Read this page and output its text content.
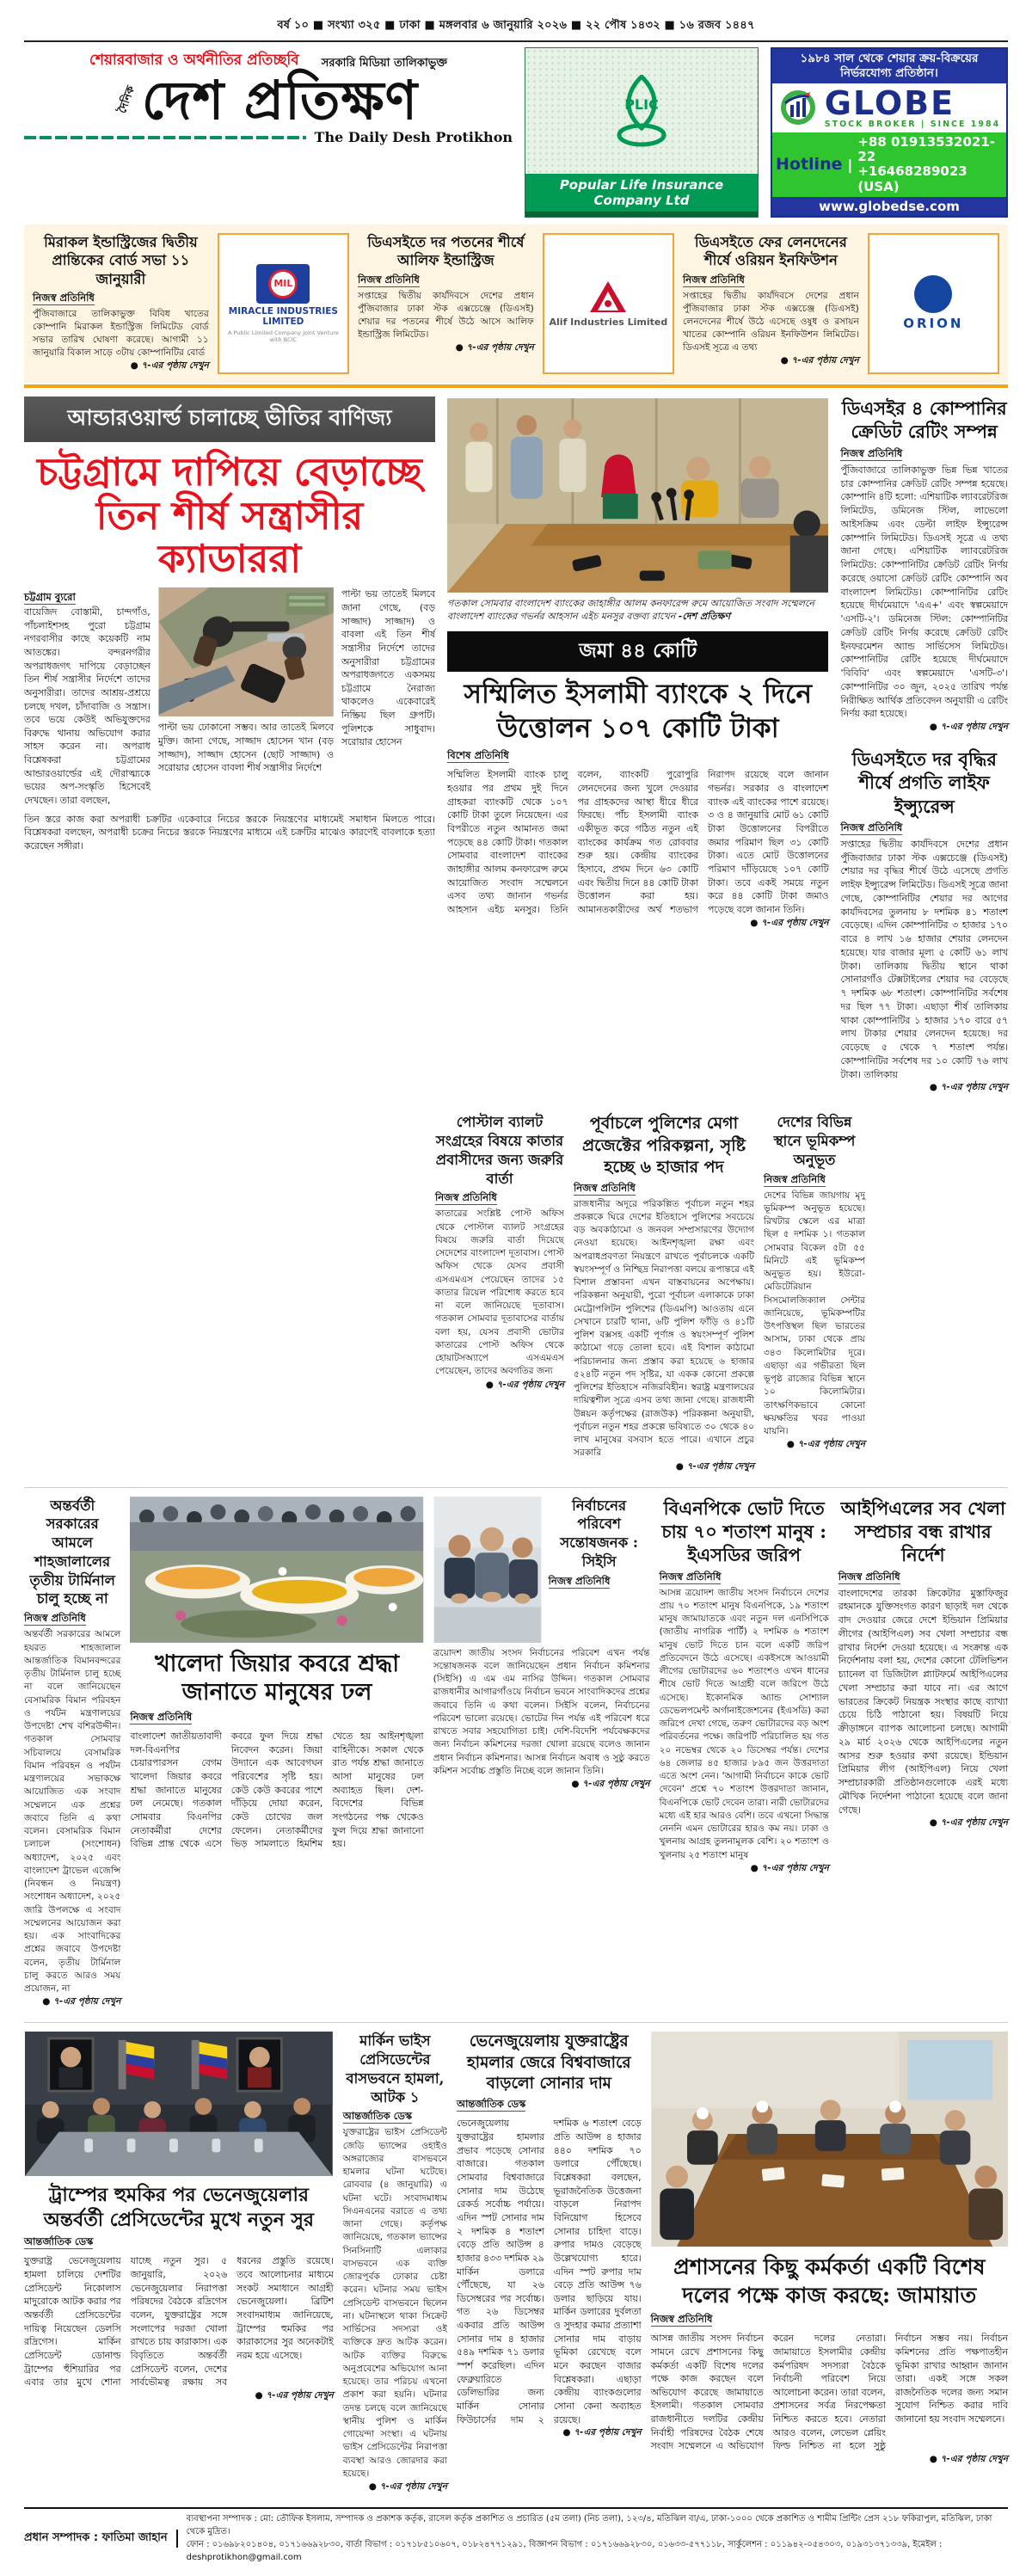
বর্ষ ১০ ■ সংখ্যা ৩২৫ ■ ঢাকা ■ মঙ্গলবার ৬ জানুয়ারি ২০২৬ ■ ২২ পৌষ ১৪৩২ ■ ১৬ রজব ১৪৪৭
শেয়ারবাজার ও অর্থনীতির প্রতিচ্ছবি সরকারি মিডিয়া তালিকাভুক্ত
দৈনিক দেশ প্রতিক্ষণ
The Daily Desh Protikhon
PLIC
Popular Life Insurance Company Ltd
১৯৮৪ সাল থেকে শেয়ার ক্রয়-বিক্রয়ের নির্ভরযোগ্য প্রতিষ্ঠান।
GLOBE
STOCK BROKER | SINCE 1984
Hotline |
+88 01913532021-22
+16468289023 (USA)
www.globedse.com
মিরাকল ইন্ডাস্ট্রিজের দ্বিতীয় প্রান্তিকের বোর্ড সভা ১১ জানুয়ারী
নিজস্ব প্রতিনিধি
পুঁজিবাজারে তালিকাভুক্ত বিবিধ খাতের কোম্পানি মিরাকল ইন্ডাস্ট্রিজ লিমিটেড বোর্ড সভার তারিখ ঘোষণা করেছে। আগামী ১১ জানুয়ারি বিকাল সাড়ে ৩টায় কোম্পানিটির বোর্ড
● ৭-এর পৃষ্ঠায় দেখুন
MIL
MIRACLE INDUSTRIES LIMITED
A Public Limited Company Joint Venture with BCIC
ডিএসইতে দর পতনের শীর্ষে আলিফ ইন্ডাস্ট্রিজ
নিজস্ব প্রতিনিধি
সপ্তাহের দ্বিতীয় কার্যদিবসে দেশের প্রধান পুঁজিবাজার ঢাকা স্টক এক্সচেঞ্জে (ডিএসই) শেয়ার দর পতনের শীর্ষে উঠে আসে আলিফ ইন্ডাস্ট্রিজ লিমিটেড।
● ৭-এর পৃষ্ঠায় দেখুন
Alif Industries Limited
ডিএসইতে ফের লেনদেনের শীর্ষে ওরিয়ন ইনফিউশন
নিজস্ব প্রতিনিধি
সপ্তাহের দ্বিতীয় কার্যদিবসে দেশের প্রধান পুঁজিবাজার ঢাকা স্টক এক্সচেঞ্জ (ডিএসই) লেনদেনের শীর্ষে উঠে এসেছে ওষুধ ও রসায়ন খাতের কোম্পানি ওরিয়ন ইনফিউশন লিমিটেড। ডিএসই সূত্রে এ তথ্য
● ৭-এর পৃষ্ঠায় দেখুন
ORION
আন্ডারওয়ার্ল্ড চালাচ্ছে ভীতির বাণিজ্য
চট্টগ্রামে দাপিয়ে বেড়াচ্ছে তিন শীর্ষ সন্ত্রাসীর ক্যাডাররা
চট্টগ্রাম ব্যুরো
বায়েজিদ বোস্তামী, চান্দগাঁও, পাঁচলাইশসহ পুরো চট্টগ্রাম নগরবাসীর কাছে কয়েকটি নাম আতঙ্কের। বন্দরনগরীর অপরাধজগৎ দাপিয়ে বেড়াচ্ছেন তিন শীর্ষ সন্ত্রাসীর নির্দেশে তাদের অনুসারীরা। তাদের আশ্রয়-প্রশ্রয়ে চলছে দখল, চাঁদাবাজি ও সন্ত্রাস। তবে ভয়ে কেউই অভিযুক্তদের বিরুদ্ধে থানায় অভিযোগ করার সাহস করেন না। অপরাধ বিশ্লেষকরা চট্টগ্রামের আন্ডারওয়ার্ল্ডের এই দৌরাত্ম্যকে ভয়ের অপ-সংস্কৃতি হিসেবেই দেখছেন। তারা বলছেন,
পাল্টা ভয় ঢোকানো সম্ভব। আর তাতেই মিলবে মুক্তি। জানা গেছে, সাজ্জাদ হোসেন খান (বড় সাজ্জাদ), সাজ্জাদ হোসেন (ছোট সাজ্জাদ) ও সরোয়ার হোসেন বাবলা শীর্ষ সন্ত্রাসীর নির্দেশে
পাল্টা ভয় তাতেই মিলবে জানা গেছে, (বড় সাজ্জাদ) সাজ্জাদ) ও বাবলা এই তিন শীর্ষ সন্ত্রাসীর নির্দেশে তাদের অনুসারীরা চট্টগ্রামের অপরাধজগতে একসময় চট্টগ্রামে নৈরাজ্য থাকলেও একেবারেই নিষ্ক্রিয় ছিল গ্রুপটি। পুলিশকে সাধুবাদ। সরোয়ার হোসেন
তিন স্তরে কাজ করা অপরাধী চক্রটির একেবারে নিচের স্তরকে নিয়ন্ত্রণের মাধ্যমেই সমাধান মিলতে পারে। বিশ্লেষকরা বলছেন, অপরাধী চক্রের নিচের স্তরকে নিয়ন্ত্রণের মাধ্যমে এই চক্রটির মাঝেও কারণেই বাবলাকে হত্যা করেছেন সঙ্গীরা।
গতকাল সোমবার বাংলাদেশ ব্যাংকের জাহাঙ্গীর আলম কনফারেন্স রুমে আয়োজিত সংবাদ সম্মেলনে বাংলাদেশ ব্যাংকের গভর্নর আহসান এইচ মনসুর বক্তব্য রাখেন -দেশ প্রতিক্ষণ
জমা ৪৪ কোটি
সম্মিলিত ইসলামী ব্যাংকে ২ দিনে উত্তোলন ১০৭ কোটি টাকা
বিশেষ প্রতিনিধি
সম্মিলিত ইসলামী ব্যাংক চালু হওয়ার পর প্রথম দুই দিনে গ্রাহকরা ব্যাংকটি থেকে ১০৭ কোটি টাকা তুলে নিয়েছেন। এর বিপরীতে নতুন আমানত জমা পড়েছে ৪৪ কোটি টাকা। গতকাল সোমবার বাংলাদেশ ব্যাংকের জাহাঙ্গীর আলম কনফারেন্স রুমে আয়োজিত সংবাদ সম্মেলনে এসব তথ্য জানান গভর্নর আহসান এইচ মনসুর। তিনি বলেন, ব্যাংকটি পুরোপুরি লেনদেনের জন্য খুলে দেওয়ার পর গ্রাহকদের আস্থা ধীরে ধীরে ফিরছে। পাঁচ ইসলামী ব্যাংক একীভূত করে গঠিত নতুন এই ব্যাংকের কার্যক্রম গত রোববার শুরু হয়। কেন্দ্রীয় ব্যাংকের হিসাবে, প্রথম দিনে ৬৩ কোটি এবং দ্বিতীয় দিনে ৪৪ কোটি টাকা উত্তোলন করা হয়। আমানতকারীদের অর্থ শতভাগ নিরাপদ রয়েছে বলে জানান গভর্নর। সরকার ও বাংলাদেশ ব্যাংক এই ব্যাংকের পাশে রয়েছে। ৩ ও ৪ জানুয়ারি মোট ৬১ কোটি টাকা উত্তোলনের বিপরীতে জমার পরিমাণ ছিল ৩১ কোটি টাকা। এতে মোট উত্তোলনের পরিমাণ দাঁড়িয়েছে ১০৭ কোটি টাকা। তবে একই সময়ে নতুন করে ৪৪ কোটি টাকা জমাও পড়েছে বলে জানান তিনি।
● ৭-এর পৃষ্ঠায় দেখুন
ডিএসইর ৪ কোম্পানির ক্রেডিট রেটিং সম্পন্ন
নিজস্ব প্রতিনিধি
পুঁজিবাজারে তালিকাভুক্ত ভিন্ন ভিন্ন খাতের চার কোম্পানির ক্রেডিট রেটিং সম্পন্ন হয়েছে। কোম্পানি ৪টি হলো: এশিয়াটিক ল্যাবরেটরিজ লিমিটেড, ডমিনেজ স্টিল, লাভেলো আইসক্রিম এবং ডেল্টা লাইফ ইন্স্যুরেন্স কোম্পানি লিমিটেড। ডিএসই সূত্রে এ তথ্য জানা গেছে। এশিয়াটিক ল্যাবরেটরিজ লিমিটেড: কোম্পানিটির ক্রেডিট রেটিং নির্ণয় করেছে ওয়াসো ক্রেডিট রেটিং কোম্পানি অব বাংলাদেশ লিমিটেড। কোম্পানিটির রেটিং হয়েছে দীর্ঘমেয়াদে 'এএ+' এবং স্বল্পমেয়াদে 'এসটি-২'। ডমিনেজ স্টিল: কোম্পানিটির ক্রেডিট রেটিং নির্ণয় করেছে ক্রেডিট রেটিং ইনফরমেশন অ্যান্ড সার্ভিসেস লিমিটেড। কোম্পানিটির রেটিং হয়েছে দীর্ঘমেয়াদে 'বিবিবি' এবং স্বল্পমেয়াদে 'এসটি-৩'। কোম্পানিটির ৩০ জুন, ২০২৫ তারিখ পর্যন্ত নিরীক্ষিত আর্থিক প্রতিবেদন অনুযায়ী এ রেটিং নির্ণয় করা হয়েছে।
● ৭-এর পৃষ্ঠায় দেখুন
ডিএসইতে দর বৃদ্ধির শীর্ষে প্রগতি লাইফ ইন্স্যুরেন্স
নিজস্ব প্রতিনিধি
সপ্তাহের দ্বিতীয় কার্যদিবসে দেশের প্রধান পুঁজিবাজার ঢাকা স্টক এক্সচেঞ্জে (ডিএসই) শেয়ার দর বৃদ্ধির শীর্ষে উঠে এসেছে প্রগতি লাইফ ইন্স্যুরেন্স লিমিটেড। ডিএসই সূত্রে জানা গেছে, কোম্পানিটির শেয়ার দর আগের কার্যদিবসের তুলনায় ৮ দশমিক ৪১ শতাংশ বেড়েছে। এদিন কোম্পানিটির ৩ হাজার ১৭০ বারে ৪ লাখ ১৬ হাজার শেয়ার লেনদেন হয়েছে। যার বাজার মূল্য ৫ কোটি ৬১ লাখ টাকা। তালিকায় দ্বিতীয় স্থানে থাকা সোনারগাঁও টেক্সটাইলের শেয়ার দর বেড়েছে ৭ দশমিক ৬৮ শতাংশ। কোম্পানিটির সর্বশেষ দর ছিল ৭৭ টাকা। এছাড়া শীর্ষ তালিকায় থাকা কোম্পানিটির ১ হাজার ১৭০ বারে ৫৭ লাখ টাকার শেয়ার লেনদেন হয়েছে। দর বেড়েছে ৫ থেকে ৭ শতাংশ পর্যন্ত। কোম্পানিটির সর্বশেষ দর ১০ কোটি ৭৬ লাখ টাকা। তালিকায়
● ৭-এর পৃষ্ঠায় দেখুন
পোস্টাল ব্যালট সংগ্রহের বিষয়ে কাতার প্রবাসীদের জন্য জরুরি বার্তা
নিজস্ব প্রতিনিধি
কাতারের সংশ্লিষ্ট পোস্ট অফিস থেকে পোস্টাল ব্যালট সংগ্রহের বিষয়ে জরুরি বার্তা দিয়েছে সেদেশের বাংলাদেশ দূতাবাস। পোস্ট অফিস থেকে যেসব প্রবাসী এসএমএস পেয়েছেন তাদের ১৫ কাতার রিয়েল পরিশোধ করতে হবে না বলে জানিয়েছে দূতাবাস। গতকাল সোমবার দূতাবাসের বার্তায় বলা হয়, যেসব প্রবাসী ভোটার কাতারের পোস্ট অফিস থেকে হোয়াটসঅ্যাপে এসএমএস পেয়েছেন, তাদের অবগতির জন্য
● ৭-এর পৃষ্ঠায় দেখুন
পূর্বাচলে পুলিশের মেগা প্রজেক্টের পরিকল্পনা, সৃষ্টি হচ্ছে ৬ হাজার পদ
নিজস্ব প্রতিনিধি
রাজধানীর অদূরে পরিকল্পিত পূর্বাচল নতুন শহর প্রকল্পকে ঘিরে দেশের ইতিহাসে পুলিশের সবচেয়ে বড় অবকাঠামো ও জনবল সম্প্রসারণের উদ্যোগ নেওয়া হয়েছে। আইনশৃঙ্খলা রক্ষা এবং অপরাধপ্রবণতা নিয়ন্ত্রণে রাখতে পূর্বাচলকে একটি স্বয়ংসম্পূর্ণ ও নিশ্ছিদ্র নিরাপত্তা বলয়ে রূপান্তরে এই বিশাল প্রস্তাবনা এখন বাস্তবায়নের অপেক্ষায়। পরিকল্পনা অনুযায়ী, পুরো পূর্বাচল এলাকাকে ঢাকা মেট্রোপলিটন পুলিশের (ডিএমপি) আওতায় এনে সেখানে চারটি থানা, ৬টি পুলিশ ফাঁড়ি ও ৪১টি পুলিশ বক্সসহ একটি পূর্ণাঙ্গ ও স্বয়ংসম্পূর্ণ পুলিশ কাঠামো গড়ে তোলা হবে। এই বিশাল কাঠামো পরিচালনার জন্য প্রস্তাব করা হয়েছে ৬ হাজার ৫২৪টি নতুন পদ সৃষ্টির, যা একক কোনো প্রকল্পে পুলিশের ইতিহাসে নজিরবিহীন। স্বরাষ্ট্র মন্ত্রণালয়ের দায়িত্বশীল সূত্রে এসব তথ্য জানা গেছে। রাজধানী উন্নয়ন কর্তৃপক্ষের (রাজউক) পরিকল্পনা অনুযায়ী, পূর্বাচল নতুন শহর প্রকল্পে ভবিষ্যতে ৩০ থেকে ৪০ লাখ মানুষের বসবাস হতে পারে। এখানে প্রচুর সরকারি
● ৭-এর পৃষ্ঠায় দেখুন
দেশের বিভিন্ন স্থানে ভূমিকম্প অনুভূত
নিজস্ব প্রতিনিধি
দেশের বিভিন্ন জায়গায় মৃদু ভূমিকম্প অনুভূত হয়েছে। রিখটার স্কেলে এর মাত্রা ছিল ৫ দশমিক ১। গতকাল সোমবার বিকেল ৫টা ৫৫ মিনিটে এই ভূমিকম্প অনুভূত হয়। ইউরো-মেডিটেরিয়ান সিসমোলজিক্যাল সেন্টার জানিয়েছে, ভূমিকম্পটির উৎপত্তিস্থল ছিল ভারতের আসাম, ঢাকা থেকে প্রায় ৩৪৩ কিলোমিটার দূরে। এছাড়া এর গভীরতা ছিল ভূপৃষ্ঠ রাজ্যের বিভিন্ন স্থানে ১০ কিলোমিটার। তাৎক্ষণিকভাবে কোনো ক্ষয়ক্ষতির খবর পাওয়া যায়নি।
● ৭-এর পৃষ্ঠায় দেখুন
অন্তর্বর্তী সরকারের আমলে শাহজালালের তৃতীয় টার্মিনাল চালু হচ্ছে না
নিজস্ব প্রতিনিধি
অন্তর্বর্তী সরকারের আমলে হযরত শাহজালাল আন্তর্জাতিক বিমানবন্দরের তৃতীয় টার্মিনাল চালু হচ্ছে না বলে জানিয়েছেন বেসামরিক বিমান পরিবহন ও পর্যটন মন্ত্রণালয়ের উপদেষ্টা শেখ বশিরউদ্দীন। গতকাল সোমবার সচিবালয়ে বেসামরিক বিমান পরিবহন ও পর্যটন মন্ত্রণালয়ের সভাকক্ষে আয়োজিত এক সংবাদ সম্মেলনে এক প্রশ্নের জবাবে তিনি এ কথা বলেন। বেসামরিক বিমান চলাচল (সংশোধন) অধ্যাদেশ, ২০২৫ এবং বাংলাদেশ ট্রাভেল এজেন্সি (নিবন্ধন ও নিয়ন্ত্রণ) সংশোধন অধ্যাদেশ, ২০২৫ জারি উপলক্ষে এ সংবাদ সম্মেলনের আয়োজন করা হয়। এক সাংবাদিকের প্রশ্নের জবাবে উপদেষ্টা বলেন, তৃতীয় টার্মিনাল চালু করতে আরও সময় প্রয়োজন, না
● ৭-এর পৃষ্ঠায় দেখুন
খালেদা জিয়ার কবরে শ্রদ্ধা জানাতে মানুষের ঢল
নিজস্ব প্রতিনিধি
বাংলাদেশ জাতীয়তাবাদী দল-বিএনপির চেয়ারপারসন বেগম খালেদা জিয়ার কবরে শ্রদ্ধা জানাতে মানুষের ঢল নেমেছে। গতকাল সোমবার বিএনপির নেতাকর্মীরা দেশের বিভিন্ন প্রান্ত থেকে এসে কবরে ফুল দিয়ে শ্রদ্ধা নিবেদন করেন। জিয়া উদ্যানে এক আবেগঘন পরিবেশের সৃষ্টি হয়। কেউ কেউ কবরের পাশে দাঁড়িয়ে দোয়া করেন, কেউ চোখের জল ফেলেন। নেতাকর্মীদের ভিড় সামলাতে হিমশিম খেতে হয় আইনশৃঙ্খলা বাহিনীকে। সকাল থেকে রাত পর্যন্ত শ্রদ্ধা জানাতে আসা মানুষের ঢল অব্যাহত ছিল। দেশ-বিদেশের বিভিন্ন সংগঠনের পক্ষ থেকেও ফুল দিয়ে শ্রদ্ধা জানানো হয়।
নির্বাচনের পরিবেশ সন্তোষজনক : সিইসি
নিজস্ব প্রতিনিধি
ত্রয়োদশ জাতীয় সংসদ নির্বাচনের পরিবেশ এখন পর্যন্ত সন্তোষজনক বলে জানিয়েছেন প্রধান নির্বাচন কমিশনার (সিইসি) এ এম এম নাসির উদ্দিন। গতকাল সোমবার রাজধানীর আগারগাঁওয়ে নির্বাচন ভবনে সাংবাদিকদের প্রশ্নের জবাবে তিনি এ কথা বলেন। সিইসি বলেন, নির্বাচনের পরিবেশ ভালো রয়েছে। ভোটের দিন পর্যন্ত এই পরিবেশ ধরে রাখতে সবার সহযোগিতা চাই। দেশি-বিদেশি পর্যবেক্ষকদের জন্য নির্বাচন কমিশনের দরজা খোলা রয়েছে বলেও জানান প্রধান নির্বাচন কমিশনার। আসন্ন নির্বাচন অবাধ ও সুষ্ঠু করতে কমিশন সর্বোচ্চ প্রস্তুতি নিচ্ছে বলে জানান তিনি।
● ৭-এর পৃষ্ঠায় দেখুন
বিএনপিকে ভোট দিতে চায় ৭০ শতাংশ মানুষ : ইএসডির জরিপ
নিজস্ব প্রতিনিধি
আসন্ন ত্রয়োদশ জাতীয় সংসদ নির্বাচনে দেশের প্রায় ৭০ শতাংশ মানুষ বিএনপিকে, ১৯ শতাংশ মানুষ জামায়াতকে এবং নতুন দল এনসিপিকে (জাতীয় নাগরিক পার্টি) ২ দশমিক ৬ শতাংশ মানুষ ভোট দিতে চান বলে একটি জরিপ প্রতিবেদনে উঠে এসেছে। একইসঙ্গে আওয়ামী লীগের ভোটারদের ৬০ শতাংশও এখন ধানের শীষে ভোট দিতে আগ্রহী বলে জরিপে উঠে এসেছে। ইকোনমিক অ্যান্ড সোশ্যাল ডেভেলপমেন্ট অর্গানাইজেশনের (ইএসডি) করা জরিপে দেখা গেছে, তরুণ ভোটারদের বড় অংশ পরিবর্তনের পক্ষে। জরিপটি পরিচালিত হয় গত ২০ নভেম্বর থেকে ২০ ডিসেম্বর পর্যন্ত। দেশের ৬৪ জেলার ৪৫ হাজার ৮৯৫ জন উত্তরদাতা এতে অংশ নেন। 'আগামী নির্বাচনে কাকে ভোট দেবেন' প্রশ্নে ৭০ শতাংশ উত্তরদাতা জানান, বিএনপিকে ভোট দেবেন তারা। নারী ভোটারদের মধ্যে এই হার আরও বেশি। তবে এখনো সিদ্ধান্ত নেননি এমন ভোটারের হারও কম নয়। ঢাকা ও খুলনায় আগ্রহ তুলনামূলক বেশি। ২০ শতাংশ ও খুলনায় ২৫ শতাংশ মানুষ
● ৭-এর পৃষ্ঠায় দেখুন
আইপিএলের সব খেলা সম্প্রচার বন্ধ রাখার নির্দেশ
নিজস্ব প্রতিনিধি
বাংলাদেশের তারকা ক্রিকেটার মুস্তাফিজুর রহমানকে যুক্তিসংগত কারণ ছাড়াই দল থেকে বাদ দেওয়ার জেরে দেশে ইন্ডিয়ান প্রিমিয়ার লীগের (আইপিএল) সব খেলা সম্প্রচার বন্ধ রাখার নির্দেশ দেওয়া হয়েছে। এ সংক্রান্ত এক নির্দেশনায় বলা হয়, দেশের কোনো টেলিভিশন চ্যানেল বা ডিজিটাল প্ল্যাটফর্মে আইপিএলের খেলা সম্প্রচার করা যাবে না। এর আগে ভারতের ক্রিকেট নিয়ন্ত্রক সংস্থার কাছে ব্যাখ্যা চেয়ে চিঠি পাঠানো হয়। বিষয়টি নিয়ে ক্রীড়াঙ্গনে ব্যাপক আলোচনা চলছে। আগামী ২৯ মার্চ ২০২৬ থেকে আইপিএলের নতুন আসর শুরু হওয়ার কথা রয়েছে। ইন্ডিয়ান প্রিমিয়ার লীগ (আইপিএল) নিয়ে খেলা সম্প্রচারকারী প্রতিষ্ঠানগুলোকে এরই মধ্যে মৌখিক নির্দেশনা পাঠানো হয়েছে বলে জানা গেছে।
● ৭-এর পৃষ্ঠায় দেখুন
ট্রাম্পের হুমকির পর ভেনেজুয়েলার অন্তর্বর্তী প্রেসিডেন্টের মুখে নতুন সুর
আন্তর্জাতিক ডেস্ক
যুক্তরাষ্ট্র ভেনেজুয়েলায় হামলা চালিয়ে দেশটির প্রেসিডেন্ট নিকোলাস মাদুরোকে আটক করার পর অন্তর্বর্তী প্রেসিডেন্টের দায়িত্ব নিয়েছেন ডেলসি রদ্রিগেস। মার্কিন প্রেসিডেন্ট ডোনাল্ড ট্রাম্পের হুঁশিয়ারির পর এবার তার মুখে শোনা যাচ্ছে নতুন সুর। ৫ জানুয়ারি, ২০২৬ ভেনেজুয়েলার নিরাপত্তা পরিষদের বৈঠকে রদ্রিগেস বলেন, যুক্তরাষ্ট্রের সঙ্গে সংলাপের দরজা খোলা রাখতে চায় কারাকাস। এক বিবৃতিতে অন্তর্বর্তী প্রেসিডেন্ট বলেন, দেশের সার্বভৌমত্ব রক্ষায় সব ধরনের প্রস্তুতি রয়েছে। তবে আলোচনার মাধ্যমে সংকট সমাধানে আগ্রহী ভেনেজুয়েলা। ব্রিটিশ সংবাদমাধ্যম জানিয়েছে, ট্রাম্পের হুমকির পর কারাকাসের সুর অনেকটাই নরম হয়ে এসেছে।
● ৭-এর পৃষ্ঠায় দেখুন
মার্কিন ভাইস প্রেসিডেন্টের বাসভবনে হামলা, আটক ১
আন্তর্জাতিক ডেস্ক
যুক্তরাষ্ট্রের ভাইস প্রেসিডেন্ট জেডি ভ্যান্সের ওহাইও অঙ্গরাজ্যের বাসভবনে হামলার ঘটনা ঘটেছে। রোববার (৪ জানুয়ারি) এ ঘটনা ঘটে। সংবাদমাধ্যম সিএনএনের বরাতে এ তথ্য জানা গেছে। কর্তৃপক্ষ জানিয়েছে, গতকাল ভ্যান্সের সিনসিনাটি এলাকার বাসভবনে এক ব্যক্তি জোরপূর্বক ঢোকার চেষ্টা করেন। ঘটনার সময় ভাইস প্রেসিডেন্ট বাসভবনে ছিলেন না। ঘটনাস্থলে থাকা সিক্রেট সার্ভিসের সদস্যরা ওই ব্যক্তিকে দ্রুত আটক করেন। আটক ব্যক্তির বিরুদ্ধে অনুপ্রবেশের অভিযোগ আনা হয়েছে। তার পরিচয় এখনো প্রকাশ করা হয়নি। ঘটনার তদন্ত চলছে বলে জানিয়েছে স্থানীয় পুলিশ ও মার্কিন গোয়েন্দা সংস্থা। এ ঘটনায় ভাইস প্রেসিডেন্টের নিরাপত্তা ব্যবস্থা আরও জোরদার করা হয়েছে।
● ৭-এর পৃষ্ঠায় দেখুন
ভেনেজুয়েলায় যুক্তরাষ্ট্রের হামলার জেরে বিশ্ববাজারে বাড়লো সোনার দাম
আন্তর্জাতিক ডেস্ক
ভেনেজুয়েলায় যুক্তরাষ্ট্রের হামলার প্রভাব পড়েছে সোনার বাজারে। গতকাল সোমবার বিশ্ববাজারে সোনার দাম উঠেছে রেকর্ড সর্বোচ্চ পর্যায়ে। এদিন স্পট সোনার দাম ২ দশমিক ৪ শতাংশ বেড়ে প্রতি আউন্স ৪ হাজার ৪৩৩ দশমিক ২৯ মার্কিন ডলারে পৌঁছেছে, যা ২৬ ডিসেম্বরের পর সর্বোচ্চ। গত ২৬ ডিসেম্বর একবার প্রতি আউন্স সোনার দাম ৪ হাজার ৫৪৯ দশমিক ৭১ ডলার স্পর্শ করেছিল। এদিন ফেব্রুয়ারিতে ডেলিভারির জন্য মার্কিন সোনার ফিউচার্সের দাম ২ দশমিক ৬ শতাংশ বেড়ে প্রতি আউন্স ৪ হাজার ৪৪০ দশমিক ৭০ ডলারে পৌঁছেছে। বিশ্লেষকরা বলছেন, ভূরাজনৈতিক উত্তেজনা বাড়লে নিরাপদ বিনিয়োগ হিসেবে সোনার চাহিদা বাড়ে। রুপার দামও বেড়েছে উল্লেখযোগ্য হারে। এদিন স্পট রুপার দাম বেড়ে প্রতি আউন্স ৭৬ ডলার ছাড়িয়ে যায়। মার্কিন ডলারের দুর্বলতা ও সুদহার কমার প্রত্যাশা সোনার দাম বাড়ায় ভূমিকা রেখেছে বলে মনে করছেন বাজার বিশ্লেষকরা। এছাড়া কেন্দ্রীয় ব্যাংকগুলোর সোনা কেনা অব্যাহত রয়েছে।
● ৭-এর পৃষ্ঠায় দেখুন
প্রশাসনের কিছু কর্মকর্তা একটি বিশেষ দলের পক্ষে কাজ করছে: জামায়াত
নিজস্ব প্রতিনিধি
আসন্ন জাতীয় সংসদ নির্বাচন সামনে রেখে প্রশাসনের কিছু কর্মকর্তা একটি বিশেষ দলের পক্ষে কাজ করছেন বলে অভিযোগ করেছে জামায়াতে ইসলামী। গতকাল সোমবার রাজধানীতে দলটির কেন্দ্রীয় নির্বাহী পরিষদের বৈঠক শেষে সংবাদ সম্মেলনে এ অভিযোগ করেন দলের নেতারা। জামায়াতে ইসলামীর কেন্দ্রীয় কর্মপরিষদ সদস্যরা বৈঠকে নির্বাচনী পরিবেশ নিয়ে আলোচনা করেন। তারা বলেন, প্রশাসনের সর্বত্র নিরপেক্ষতা নিশ্চিত করতে হবে। নেতারা আরও বলেন, লেভেল প্লেয়িং ফিল্ড নিশ্চিত না হলে সুষ্ঠু নির্বাচন সম্ভব নয়। নির্বাচন কমিশনের প্রতি পক্ষপাতহীন ভূমিকা রাখার আহ্বান জানান তারা। একই সঙ্গে সকল রাজনৈতিক দলের জন্য সমান সুযোগ নিশ্চিত করার দাবি জানানো হয় সংবাদ সম্মেলনে।
● ৭-এর পৃষ্ঠায় দেখুন
প্রধান সম্পাদক : ফাতিমা জাহান
ব্যবস্থাপনা সম্পাদক : মো: তৌফিক ইসলাম, সম্পাদক ও প্রকাশক কর্তৃক, রাসেল কর্তৃক প্রকাশিত ও প্রচারিত (৫ম তলা) (নিচ তলা), ১২৩/৪, মতিঝিল বা/এ, ঢাকা-১০০০ থেকে প্রকাশিত ও শামীম প্রিন্টিং প্রেস ২১৮ ফকিরাপুল, মতিঝিল, ঢাকা থেকে মুদ্রিত।
ফোন : ০১৬৯৮২০১৪০৪, ০১৭১৬৬৯২৮৩০, বার্তা বিভাগ : ০১৭১৮৫১০৬০৭, ০১৮২৪৭৭১২৯১, বিজ্ঞাপন বিভাগ : ০১৭১৬৬৯২৮৩০, ০১৬৩৩-৫৭৭১১৮, সার্কুলেশন : ০১১৯৪২-০৫৪৩০৩, ০১৯৩১৩৭১৩৩৯, ইমেইল : deshprotikhon@gmail.com
